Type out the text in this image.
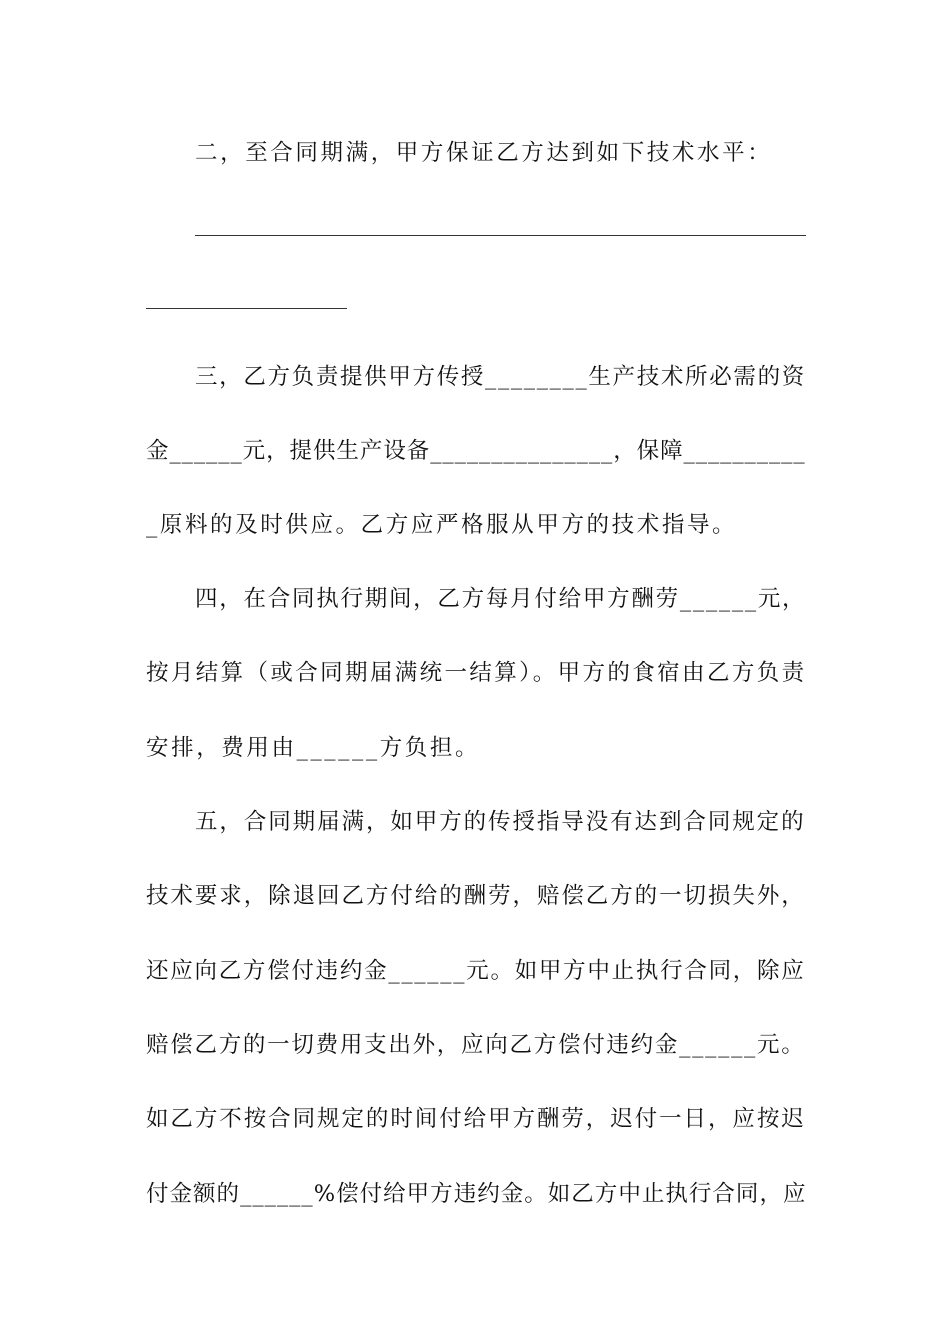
二，至合同期满，甲方保证乙方达到如下技术水平：
三，乙方负责提供甲方传授________生产技术所必需的资
金______元，提供生产设备_______________，保障__________
_原料的及时供应。乙方应严格服从甲方的技术指导。
四，在合同执行期间，乙方每月付给甲方酬劳______元，
按月结算（或合同期届满统一结算）。甲方的食宿由乙方负责
安排，费用由______方负担。
五，合同期届满，如甲方的传授指导没有达到合同规定的
技术要求，除退回乙方付给的酬劳，赔偿乙方的一切损失外，
还应向乙方偿付违约金______元。如甲方中止执行合同，除应
赔偿乙方的一切费用支出外，应向乙方偿付违约金______元。
如乙方不按合同规定的时间付给甲方酬劳，迟付一日，应按迟
付金额的______%偿付给甲方违约金。如乙方中止执行合同，应
